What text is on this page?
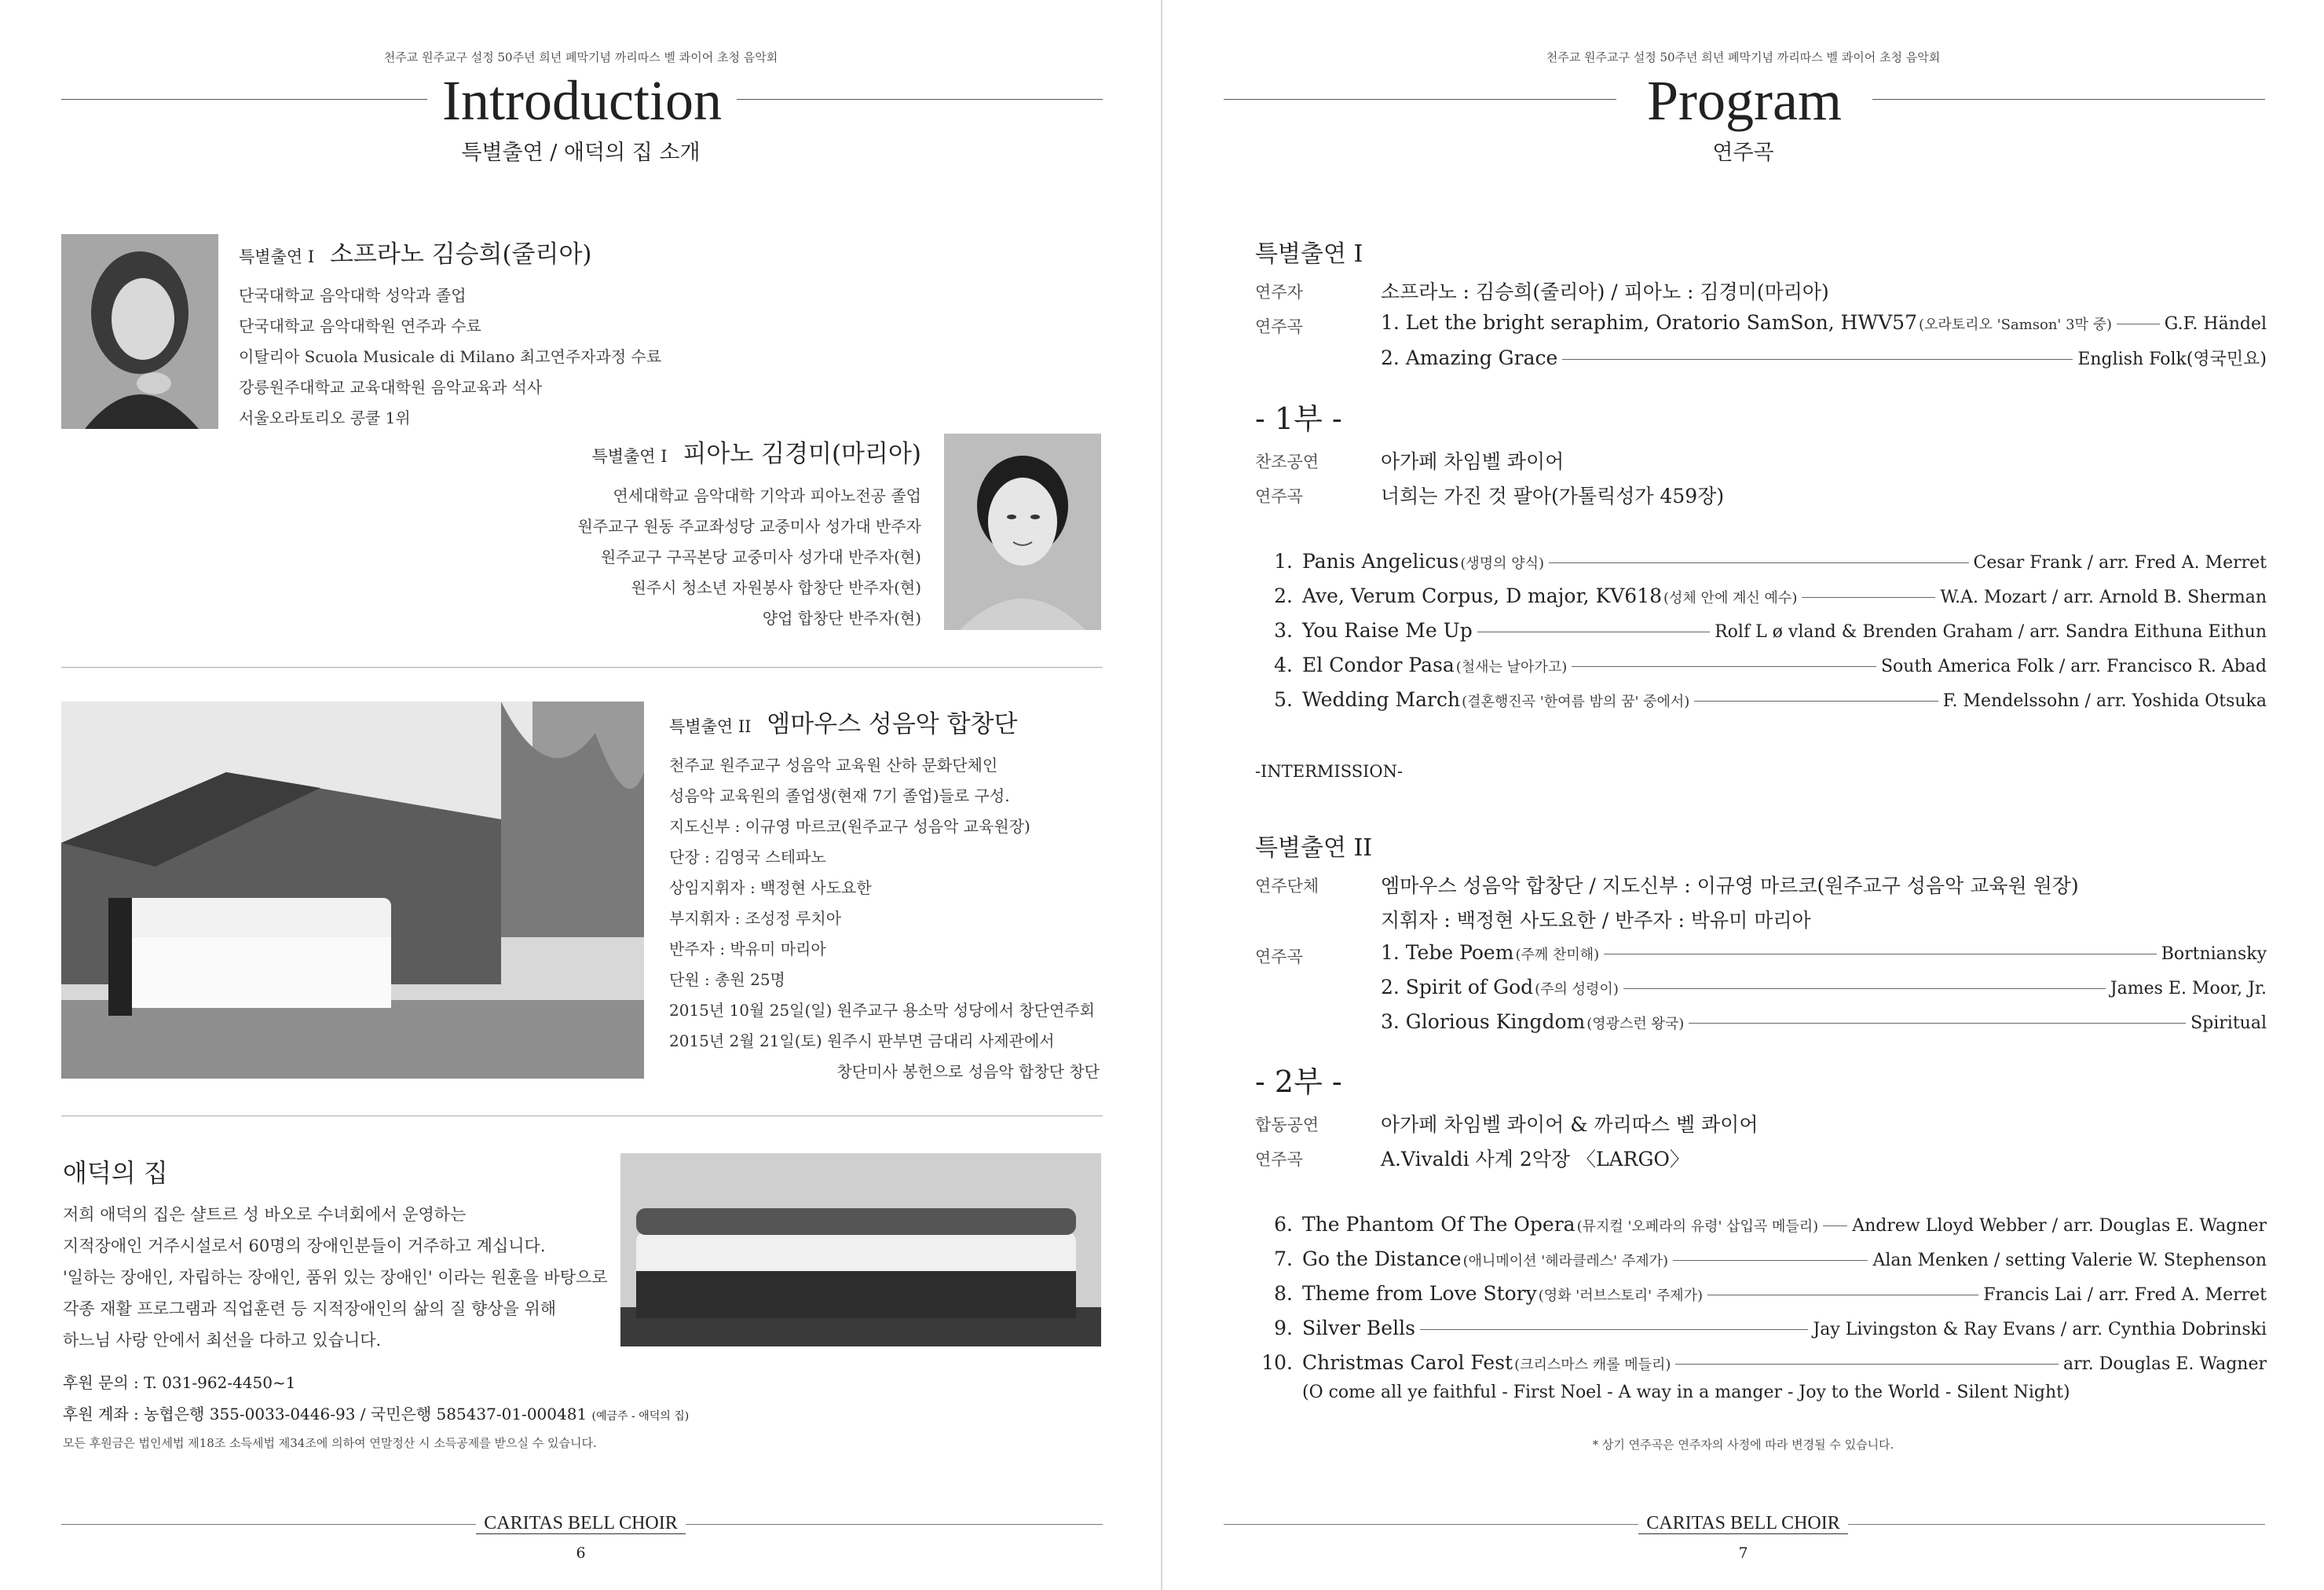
천주교 원주교구 설정 50주년 희년 폐막기념 까리따스 벨 콰이어 초청 음악회
Introduction
특별출연 / 애덕의 집 소개
특별출연 I 소프라노 김승희(줄리아)
단국대학교 음악대학 성악과 졸업
단국대학교 음악대학원 연주과 수료
이탈리아 Scuola Musicale di Milano 최고연주자과정 수료
강릉원주대학교 교육대학원 음악교육과 석사
서울오라토리오 콩쿨 1위
특별출연 I 피아노 김경미(마리아)
연세대학교 음악대학 기악과 피아노전공 졸업
원주교구 원동 주교좌성당 교중미사 성가대 반주자
원주교구 구곡본당 교중미사 성가대 반주자(현)
원주시 청소년 자원봉사 합창단 반주자(현)
양업 합창단 반주자(현)
특별출연 II 엠마우스 성음악 합창단
천주교 원주교구 성음악 교육원 산하 문화단체인
성음악 교육원의 졸업생(현재 7기 졸업)들로 구성.
지도신부 : 이규영 마르코(원주교구 성음악 교육원장)
단장 : 김영국 스테파노
상임지휘자 : 백정현 사도요한
부지휘자 : 조성정 루치아
반주자 : 박유미 마리아
단원 : 총원 25명
2015년 10월 25일(일) 원주교구 용소막 성당에서 창단연주회
2015년 2월 21일(토) 원주시 판부면 금대리 사제관에서
창단미사 봉헌으로 성음악 합창단 창단
애덕의 집
저희 애덕의 집은 샬트르 성 바오로 수녀회에서 운영하는
지적장애인 거주시설로서 60명의 장애인분들이 거주하고 계십니다.
'일하는 장애인, 자립하는 장애인, 품위 있는 장애인' 이라는 원훈을 바탕으로
각종 재활 프로그램과 직업훈련 등 지적장애인의 삶의 질 향상을 위해
하느님 사랑 안에서 최선을 다하고 있습니다.
후원 문의 : T. 031-962-4450~1
후원 계좌 : 농협은행 355-0033-0446-93 / 국민은행 585437-01-000481 (예금주 - 애덕의 집)
모든 후원금은 법인세법 제18조 소득세법 제34조에 의하여 연말정산 시 소득공제를 받으실 수 있습니다.
CARITAS BELL CHOIR
6
천주교 원주교구 설정 50주년 희년 폐막기념 까리따스 벨 콰이어 초청 음악회
Program
연주곡
특별출연 I
연주자	소프라노 : 김승희(줄리아) / 피아노 : 김경미(마리아)
연주곡	1. Let the bright seraphim, Oratorio SamSon, HWV57 (오라토리오 'Samson' 3막 중)	G.F. Händel
2. Amazing Grace	English Folk(영국민요)
- 1부 -
찬조공연	아가페 차임벨 콰이어
연주곡	너희는 가진 것 팔아(가톨릭성가 459장)
1. Panis Angelicus (생명의 양식)	Cesar Frank / arr. Fred A. Merret
2. Ave, Verum Corpus, D major, KV618 (성체 안에 계신 예수)	W.A. Mozart / arr. Arnold B. Sherman
3. You Raise Me Up	Rolf L ø vland & Brenden Graham / arr. Sandra Eithuna Eithun
4. El Condor Pasa (철새는 날아가고)	South America Folk / arr. Francisco R. Abad
5. Wedding March (결혼행진곡 '한여름 밤의 꿈' 중에서)	F. Mendelssohn / arr. Yoshida Otsuka
-INTERMISSION-
특별출연 II
연주단체	엠마우스 성음악 합창단 / 지도신부 : 이규영 마르코(원주교구 성음악 교육원 원장)
지휘자 : 백정현 사도요한 / 반주자 : 박유미 마리아
연주곡	1. Tebe Poem (주께 찬미해)	Bortniansky
2. Spirit of God (주의 성령이)	James E. Moor, Jr.
3. Glorious Kingdom (영광스런 왕국)	Spiritual
- 2부 -
합동공연	아가페 차임벨 콰이어 & 까리따스 벨 콰이어
연주곡	A.Vivaldi 사계 2악장 〈LARGO〉
6. The Phantom Of The Opera (뮤지컬 '오페라의 유령' 삽입곡 메들리) Andrew Lloyd Webber / arr. Douglas E. Wagner
7. Go the Distance (애니메이션 '헤라클레스' 주제가)	Alan Menken / setting Valerie W. Stephenson
8. Theme from Love Story (영화 '러브스토리' 주제가)	Francis Lai / arr. Fred A. Merret
9. Silver Bells	Jay Livingston & Ray Evans / arr. Cynthia Dobrinski
10. Christmas Carol Fest (크리스마스 캐롤 메들리)	arr. Douglas E. Wagner
(O come all ye faithful - First Noel - A way in a manger - Joy to the World - Silent Night)
* 상기 연주곡은 연주자의 사정에 따라 변경될 수 있습니다.
CARITAS BELL CHOIR
7
